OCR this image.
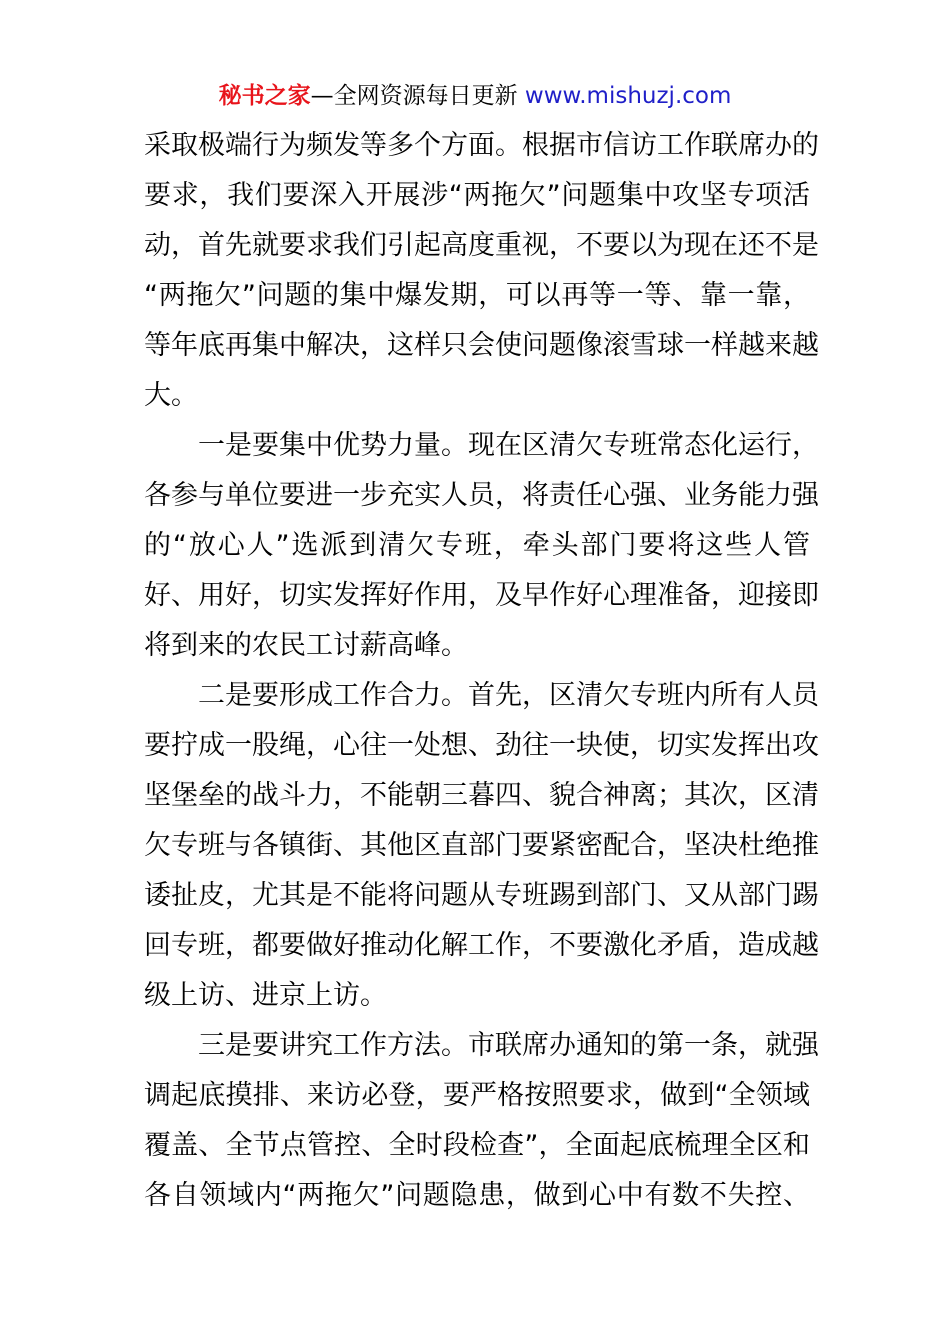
秘书之家—全网资源每日更新 www.mishuzj.com
采取极端行为频发等多个方面。根据市信访工作联席办的
要求，我们要深入开展涉“两拖欠”问题集中攻坚专项活
动，首先就要求我们引起高度重视，不要以为现在还不是
“两拖欠”问题的集中爆发期，可以再等一等、靠一靠，
等年底再集中解决，这样只会使问题像滚雪球一样越来越
大。
一是要集中优势力量。现在区清欠专班常态化运行，
各参与单位要进一步充实人员，将责任心强、业务能力强
的“放心人”选派到清欠专班，牵头部门要将这些人管
好、用好，切实发挥好作用，及早作好心理准备，迎接即
将到来的农民工讨薪高峰。
二是要形成工作合力。首先，区清欠专班内所有人员
要拧成一股绳，心往一处想、劲往一块使，切实发挥出攻
坚堡垒的战斗力，不能朝三暮四、貌合神离；其次，区清
欠专班与各镇街、其他区直部门要紧密配合，坚决杜绝推
诿扯皮，尤其是不能将问题从专班踢到部门、又从部门踢
回专班，都要做好推动化解工作，不要激化矛盾，造成越
级上访、进京上访。
三是要讲究工作方法。市联席办通知的第一条，就强
调起底摸排、来访必登，要严格按照要求，做到“全领域
覆盖、全节点管控、全时段检查”，全面起底梳理全区和
各自领域内“两拖欠”问题隐患，做到心中有数不失控、
